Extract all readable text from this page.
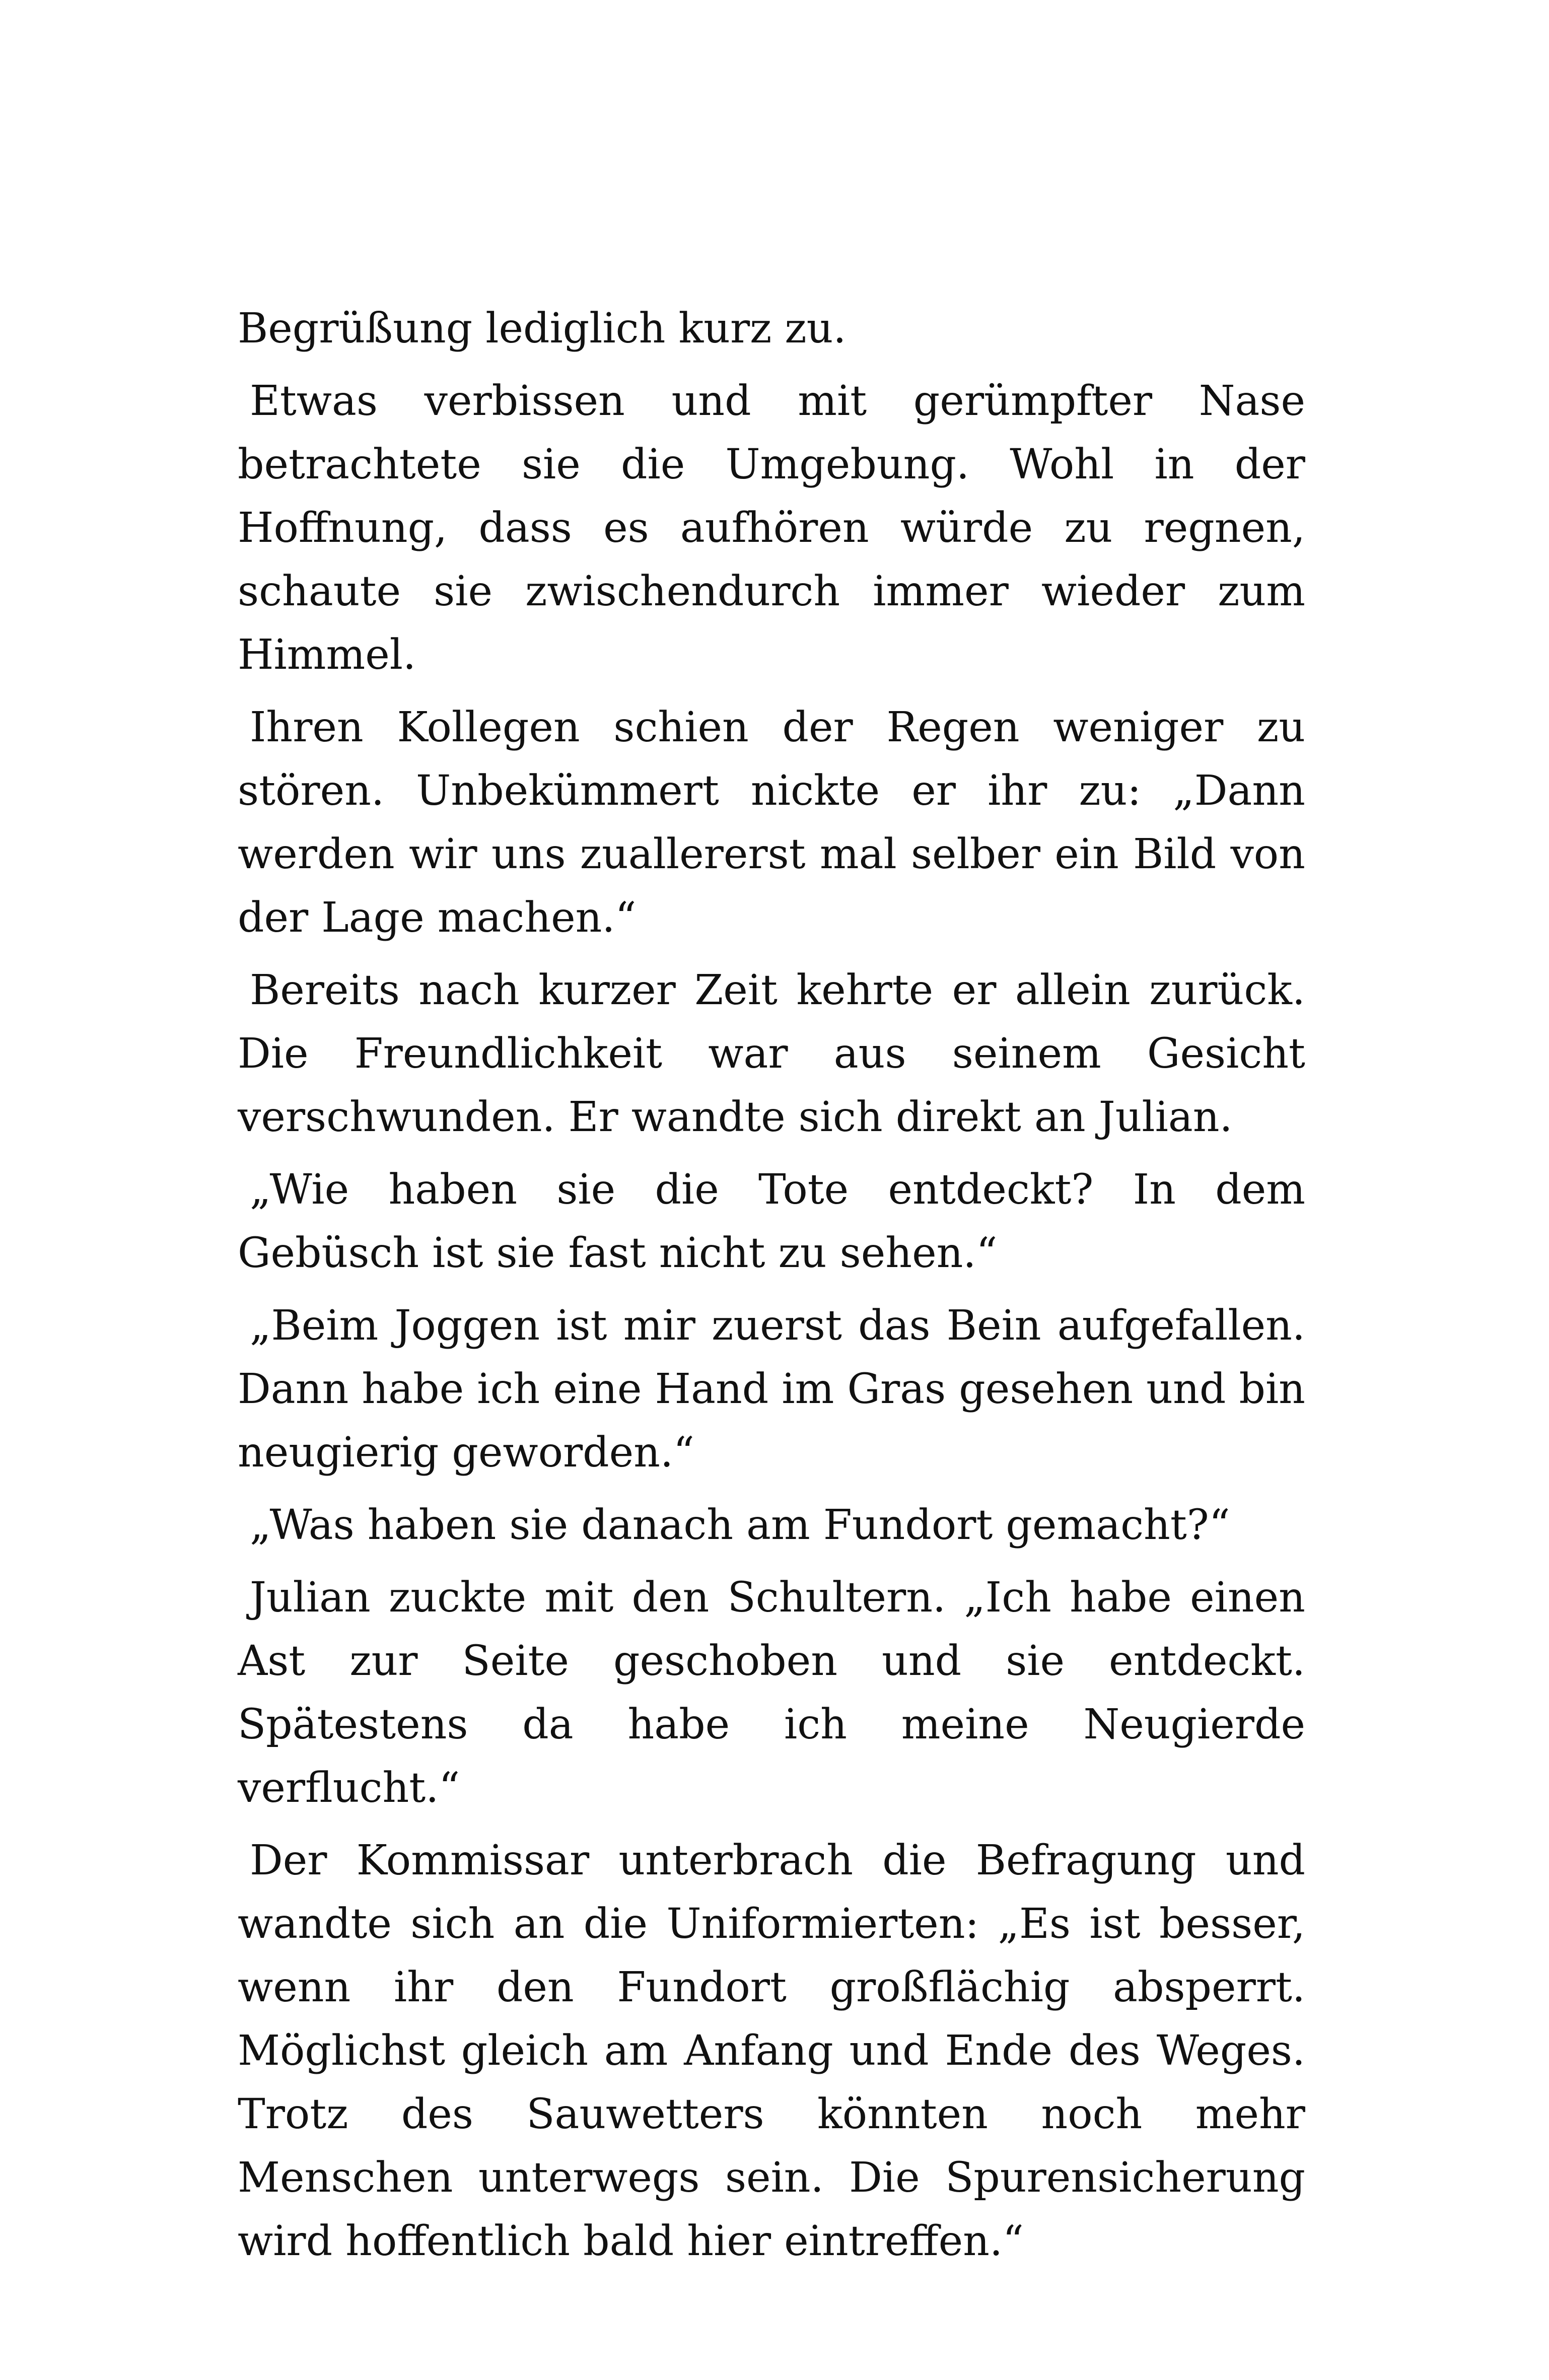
Begrüßung lediglich kurz zu.

Etwas verbissen und mit gerümpfter Nase betrachtete sie die Umgebung. Wohl in der Hoffnung, dass es aufhören würde zu regnen, schaute sie zwischendurch immer wieder zum Himmel.

Ihren Kollegen schien der Regen weniger zu stören. Unbekümmert nickte er ihr zu: „Dann werden wir uns zuallererst mal selber ein Bild von der Lage machen.“

Bereits nach kurzer Zeit kehrte er allein zurück. Die Freundlichkeit war aus seinem Gesicht verschwunden. Er wandte sich direkt an Julian.

„Wie haben sie die Tote entdeckt? In dem Gebüsch ist sie fast nicht zu sehen.“

„Beim Joggen ist mir zuerst das Bein aufgefallen. Dann habe ich eine Hand im Gras gesehen und bin neugierig geworden.“

„Was haben sie danach am Fundort gemacht?“

Julian zuckte mit den Schultern. „Ich habe einen Ast zur Seite geschoben und sie entdeckt. Spätestens da habe ich meine Neugierde verflucht.“

Der Kommissar unterbrach die Befragung und wandte sich an die Uniformierten: „Es ist besser, wenn ihr den Fundort großflächig absperrt. Möglichst gleich am Anfang und Ende des Weges. Trotz des Sauwetters könnten noch mehr Menschen unterwegs sein. Die Spurensicherung wird hoffentlich bald hier eintreffen.“
